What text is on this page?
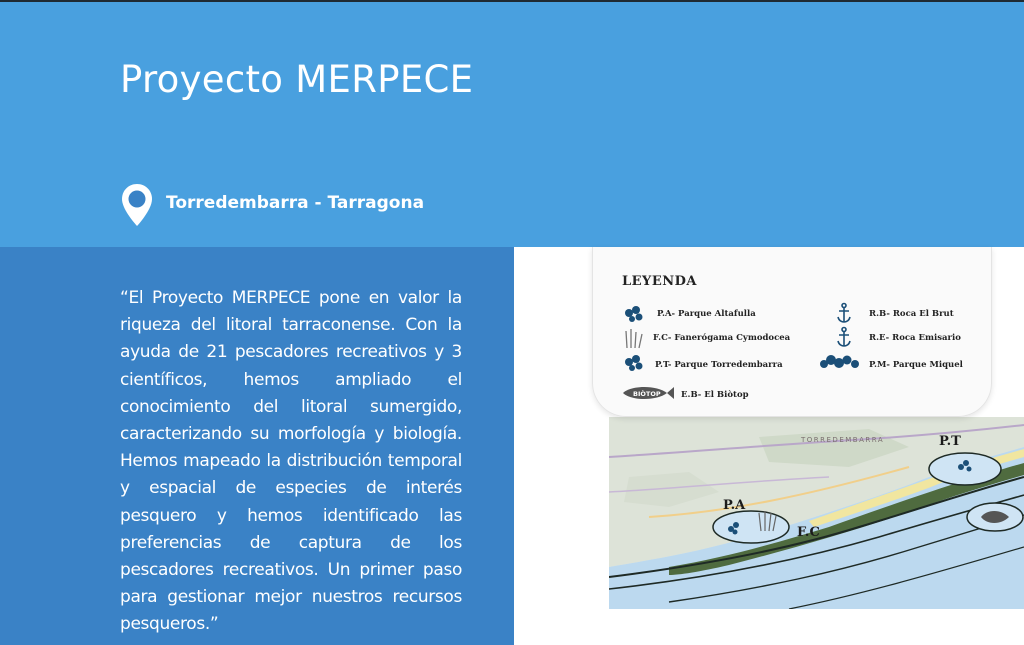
Proyecto MERPECE
Torredembarra - Tarragona

“El Proyecto MERPECE pone en valor la riqueza del litoral tarraconense. Con la ayuda de 21 pescadores recreativos y 3 científicos, hemos ampliado el conocimiento del litoral sumergido, caracterizando su morfología y biología. Hemos mapeado la distribución temporal y espacial de especies de interés pesquero y hemos identificado las preferencias de captura de los pescadores recreativos. Un primer paso para gestionar mejor nuestros recursos pesqueros.”

TORREDEMBARRA	P.T
P.A
F.C
LEYENDA
P.A- Parque Altafulla	R.B- Roca El Brut
F.C- Fanerógama Cymodocea	R.E- Roca Emisario
P.T- Parque Torredembarra	P.M- Parque Miquel
BIÒTOP E.B- El Biòtop
